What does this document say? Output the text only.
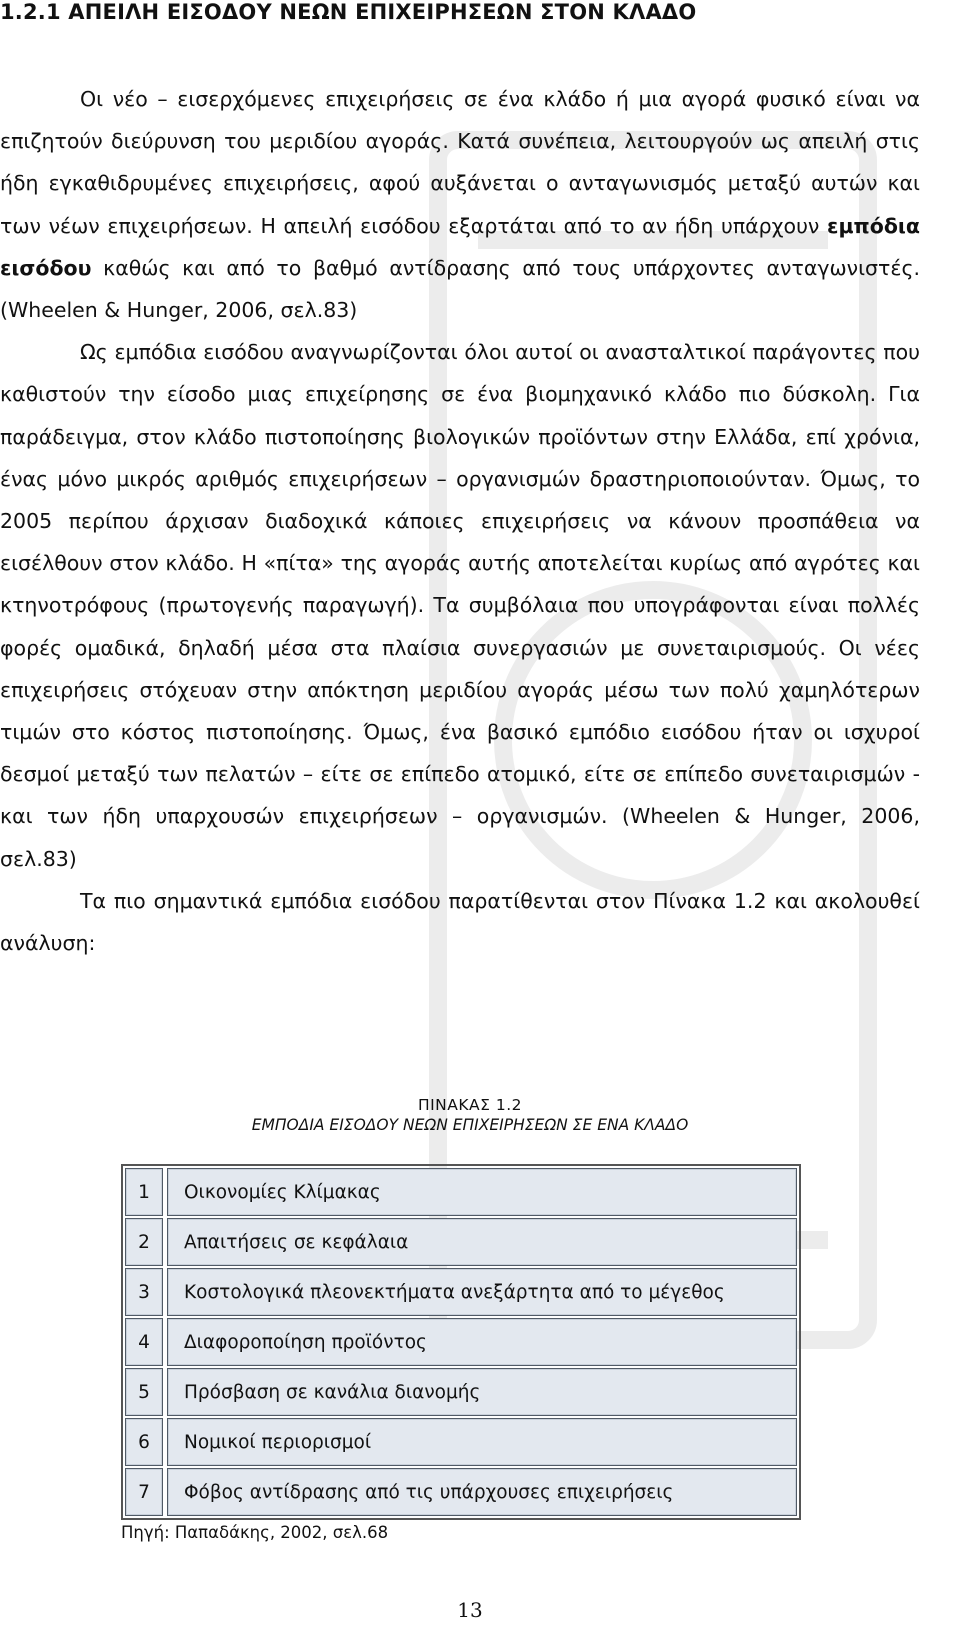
1.2.1 ΑΠΕΙΛΗ ΕΙΣΟΔΟΥ ΝΕΩΝ ΕΠΙΧΕΙΡΗΣΕΩΝ ΣΤΟΝ ΚΛΑΔΟ

Οι νέο – εισερχόμενες επιχειρήσεις σε ένα κλάδο ή μια αγορά φυσικό είναι να επιζητούν διεύρυνση του μεριδίου αγοράς. Κατά συνέπεια, λειτουργούν ως απειλή στις ήδη εγκαθιδρυμένες επιχειρήσεις, αφού αυξάνεται ο ανταγωνισμός μεταξύ αυτών και των νέων επιχειρήσεων. Η απειλή εισόδου εξαρτάται από το αν ήδη υπάρχουν εμπόδια εισόδου καθώς και από το βαθμό αντίδρασης από τους υπάρχοντες ανταγωνιστές. (Wheelen & Hunger, 2006, σελ.83)

Ως εμπόδια εισόδου αναγνωρίζονται όλοι αυτοί οι ανασταλτικοί παράγοντες που καθιστούν την είσοδο μιας επιχείρησης σε ένα βιομηχανικό κλάδο πιο δύσκολη. Για παράδειγμα, στον κλάδο πιστοποίησης βιολογικών προϊόντων στην Ελλάδα, επί χρόνια, ένας μόνο μικρός αριθμός επιχειρήσεων – οργανισμών δραστηριοποιούνταν. Όμως, το 2005 περίπου άρχισαν διαδοχικά κάποιες επιχειρήσεις να κάνουν προσπάθεια να εισέλθουν στον κλάδο. Η «πίτα» της αγοράς αυτής αποτελείται κυρίως από αγρότες και κτηνοτρόφους (πρωτογενής παραγωγή). Τα συμβόλαια που υπογράφονται είναι πολλές φορές ομαδικά, δηλαδή μέσα στα πλαίσια συνεργασιών με συνεταιρισμούς. Οι νέες επιχειρήσεις στόχευαν στην απόκτηση μεριδίου αγοράς μέσω των πολύ χαμηλότερων τιμών στο κόστος πιστοποίησης. Όμως, ένα βασικό εμπόδιο εισόδου ήταν οι ισχυροί δεσμοί μεταξύ των πελατών – είτε σε επίπεδο ατομικό, είτε σε επίπεδο συνεταιρισμών - και των ήδη υπαρχουσών επιχειρήσεων – οργανισμών. (Wheelen & Hunger, 2006, σελ.83)

Τα πιο σημαντικά εμπόδια εισόδου παρατίθενται στον Πίνακα 1.2 και ακολουθεί ανάλυση:

ΠΙΝΑΚΑΣ 1.2
ΕΜΠΟΔΙΑ ΕΙΣΟΔΟΥ ΝΕΩΝ ΕΠΙΧΕΙΡΗΣΕΩΝ ΣΕ ΕΝΑ ΚΛΑΔΟ
1	Οικονομίες Κλίμακας
2	Απαιτήσεις σε κεφάλαια
3	Κοστολογικά πλεονεκτήματα ανεξάρτητα από το μέγεθος
4	Διαφοροποίηση προϊόντος
5	Πρόσβαση σε κανάλια διανομής
6	Νομικοί περιορισμοί
7	Φόβος αντίδρασης από τις υπάρχουσες επιχειρήσεις
Πηγή: Παπαδάκης, 2002, σελ.68
13
